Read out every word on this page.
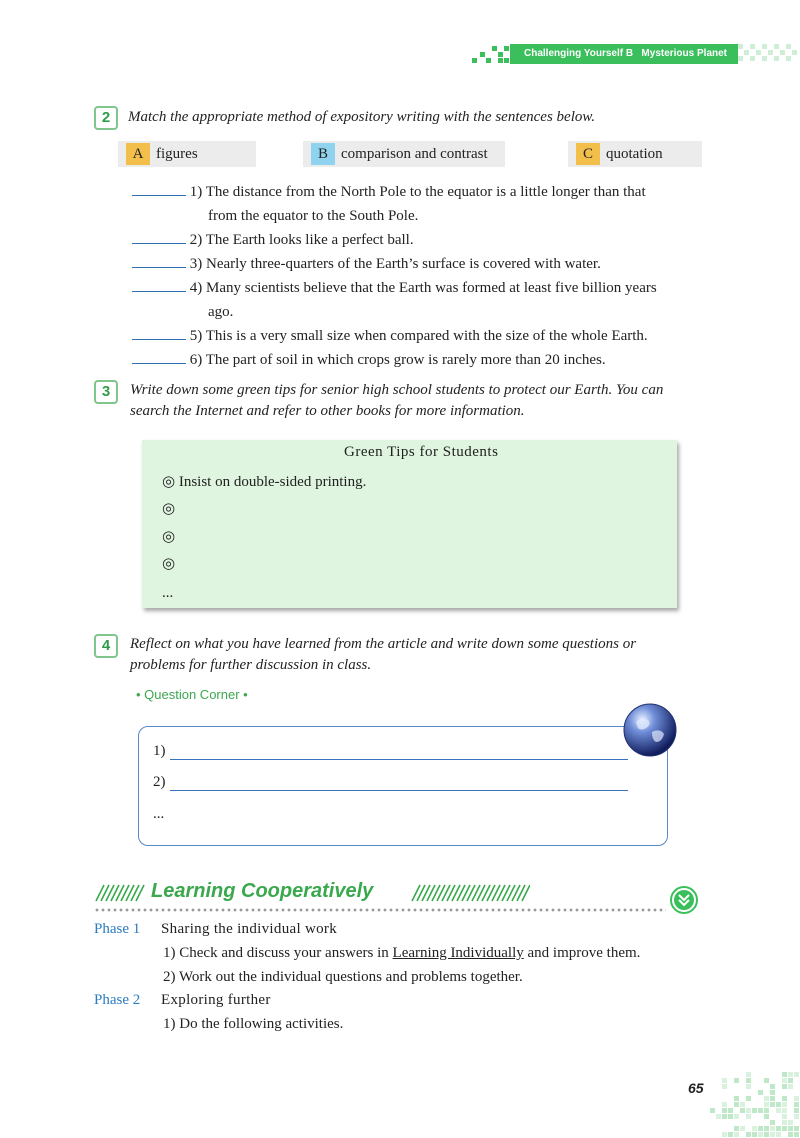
Challenging Yourself B   Mysterious Planet
2	Match the appropriate method of expository writing with the sentences below.
A figures	B comparison and contrast	C quotation
1) The distance from the North Pole to the equator is a little longer than that
from the equator to the South Pole.
2) The Earth looks like a perfect ball.
3) Nearly three-quarters of the Earth’s surface is covered with water.
4) Many scientists believe that the Earth was formed at least five billion years
ago.
5) This is a very small size when compared with the size of the whole Earth.
6) The part of soil in which crops grow is rarely more than 20 inches.
3	Write down some green tips for senior high school students to protect our Earth. You can
search the Internet and refer to other books for more information.
Green Tips for Students
◎ Insist on double-sided printing.
◎
◎
◎
...
4	Reflect on what you have learned from the article and write down some questions or
problems for further discussion in class.
• Question Corner •
1)
2)
...
Learning Cooperatively
Phase 1 Sharing the individual work
1) Check and discuss your answers in Learning Individually and improve them.
2) Work out the individual questions and problems together.
Phase 2 Exploring further
1) Do the following activities.
65
